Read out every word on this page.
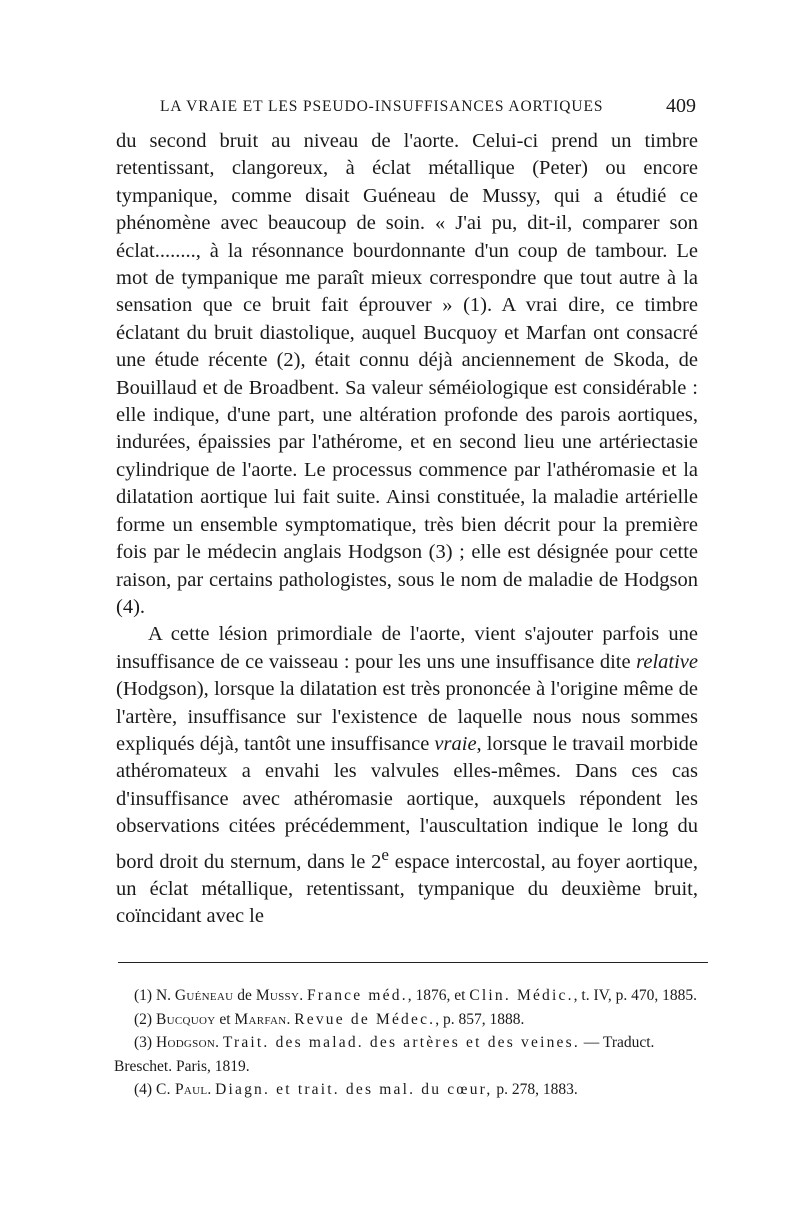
LA VRAIE ET LES PSEUDO-INSUFFISANCES AORTIQUES	409

du second bruit au niveau de l'aorte. Celui-ci prend un timbre retentissant, clangoreux, à éclat métallique (Peter) ou encore tympanique, comme disait Guéneau de Mussy, qui a étudié ce phénomène avec beaucoup de soin. « J'ai pu, dit-il, comparer son éclat........, à la résonnance bourdonnante d'un coup de tambour. Le mot de tympanique me paraît mieux correspondre que tout autre à la sensation que ce bruit fait éprouver » (1). A vrai dire, ce timbre éclatant du bruit diastolique, auquel Bucquoy et Marfan ont consacré une étude récente (2), était connu déjà anciennement de Skoda, de Bouillaud et de Broadbent. Sa valeur séméiologique est considérable : elle indique, d'une part, une altération profonde des parois aortiques, indurées, épaissies par l'athérome, et en second lieu une artériectasie cylindrique de l'aorte. Le processus commence par l'athéromasie et la dilatation aortique lui fait suite. Ainsi constituée, la maladie artérielle forme un ensemble symptomatique, très bien décrit pour la première fois par le médecin anglais Hodgson (3) ; elle est désignée pour cette raison, par certains pathologistes, sous le nom de maladie de Hodgson (4).

A cette lésion primordiale de l'aorte, vient s'ajouter parfois une insuffisance de ce vaisseau : pour les uns une insuffisance dite relative (Hodgson), lorsque la dilatation est très prononcée à l'origine même de l'artère, insuffisance sur l'existence de laquelle nous nous sommes expliqués déjà, tantôt une insuffisance vraie, lorsque le travail morbide athéromateux a envahi les valvules elles-mêmes. Dans ces cas d'insuffisance avec athéromasie aortique, auxquels répondent les observations citées précédemment, l'auscultation indique le long du bord droit du sternum, dans le 2e espace intercostal, au foyer aortique, un éclat métallique, retentissant, tympanique du deuxième bruit, coïncidant avec le

(1) N. Guéneau de Mussy. France méd., 1876, et Clin. Médic., t. IV, p. 470, 1885.

(2) Bucquoy et Marfan. Revue de Médec., p. 857, 1888.

(3) Hodgson. Trait. des malad. des artères et des veines. — Traduct. Breschet. Paris, 1819.

(4) C. Paul. Diagn. et trait. des mal. du cœur, p. 278, 1883.
